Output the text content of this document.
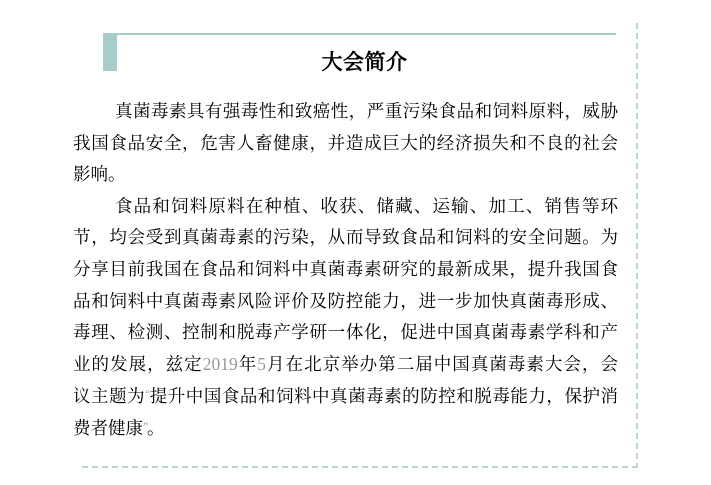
大会简介
真菌毒素具有强毒性和致癌性，严重污染食品和饲料原料，威胁
我国食品安全，危害人畜健康，并造成巨大的经济损失和不良的社会
影响。
食品和饲料原料在种植、收获、储藏、运输、加工、销售等环
节，均会受到真菌毒素的污染，从而导致食品和饲料的安全问题。为
分享目前我国在食品和饲料中真菌毒素研究的最新成果，提升我国食
品和饲料中真菌毒素风险评价及防控能力，进一步加快真菌毒形成、
毒理、检测、控制和脱毒产学研一体化，促进中国真菌毒素学科和产
业的发展，兹定2019年5月在北京举办第二届中国真菌毒素大会，会
议主题为“提升中国食品和饲料中真菌毒素的防控和脱毒能力，保护消
费者健康”。
